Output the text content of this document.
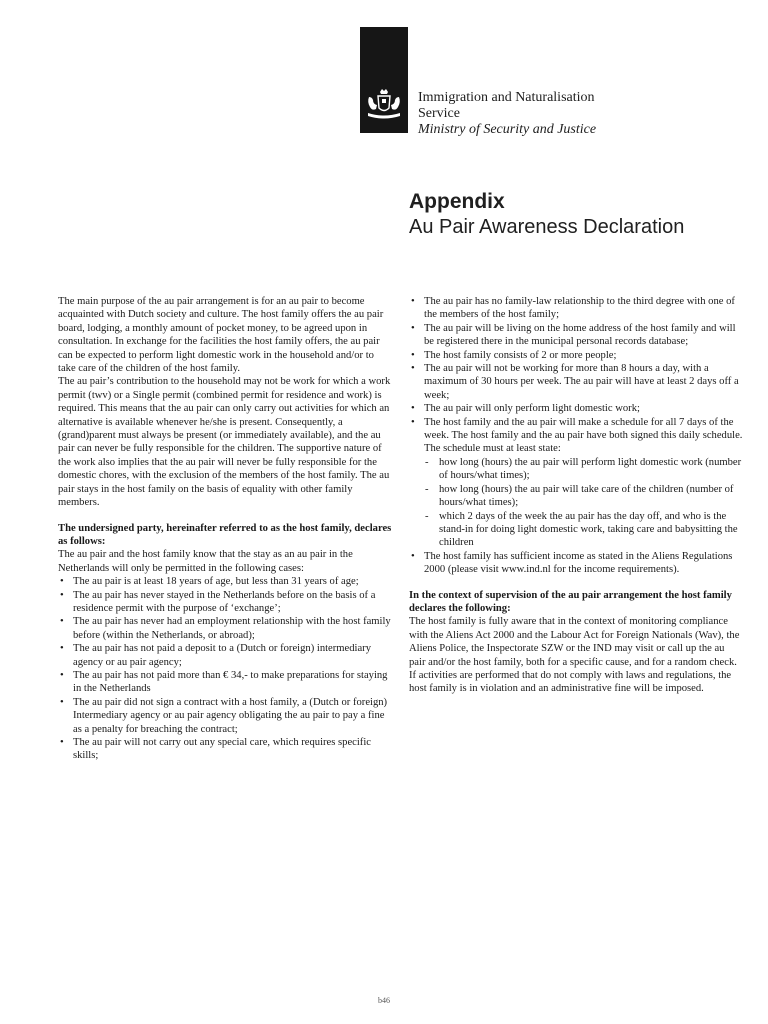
Immigration and Naturalisation
Service
Ministry of Security and Justice
Appendix
Au Pair Awareness Declaration

The main purpose of the au pair arrangement is for an au pair to become acquainted with Dutch society and culture. The host family offers the au pair board, lodging, a monthly amount of pocket money, to be agreed upon in consultation. In exchange for the facilities the host family offers, the au pair can be expected to perform light domestic work in the household and/or to take care of the children of the host family.

The au pair’s contribution to the household may not be work for which a work permit (twv) or a Single permit (combined permit for residence and work) is required. This means that the au pair can only carry out activities for which an alternative is available whenever he/she is present. Consequently, a (grand)parent must always be present (or immediately available), and the au pair can never be fully responsible for the children. The supportive nature of the work also implies that the au pair will never be fully responsible for the domestic chores, with the exclusion of the members of the host family. The au pair stays in the host family on the basis of equality with other family members.

The undersigned party, hereinafter referred to as the host family, declares as follows:

The au pair and the host family know that the stay as an au pair in the Netherlands will only be permitted in the following cases:

• The au pair is at least 18 years of age, but less than 31 years of age;
• The au pair has never stayed in the Netherlands before on the basis of a residence permit with the purpose of ‘exchange’;
• The au pair has never had an employment relationship with the host family before (within the Netherlands, or abroad);
• The au pair has not paid a deposit to a (Dutch or foreign) intermediary agency or au pair agency;
• The au pair has not paid more than € 34,- to make preparations for staying in the Netherlands
• The au pair did not sign a contract with a host family, a (Dutch or foreign) Intermediary agency or au pair agency obligating the au pair to pay a fine as a penalty for breaching the contract;
• The au pair will not carry out any special care, which requires specific skills;
• The au pair has no family-law relationship to the third degree with one of the members of the host family;
• The au pair will be living on the home address of the host family and will be registered there in the municipal personal records database;
• The host family consists of 2 or more people;
• The au pair will not be working for more than 8 hours a day, with a maximum of 30 hours per week. The au pair will have at least 2 days off a week;
• The au pair will only perform light domestic work;
• The host family and the au pair will make a schedule for all 7 days of the week. The host family and the au pair have both signed this daily schedule. The schedule must at least state:
- how long (hours) the au pair will perform light domestic work (number of hours/what times);
- how long (hours) the au pair will take care of the children (number of hours/what times);
- which 2 days of the week the au pair has the day off, and who is the stand-in for doing light domestic work, taking care and babysitting the children
• The host family has sufficient income as stated in the Aliens Regulations 2000 (please visit www.ind.nl for the income requirements).

In the context of supervision of the au pair arrangement the host family declares the following:

The host family is fully aware that in the context of monitoring compliance with the Aliens Act 2000 and the Labour Act for Foreign Nationals (Wav), the Aliens Police, the Inspectorate SZW or the IND may visit or call up the au pair and/or the host family, both for a specific cause, and for a random check. If activities are performed that do not comply with laws and regulations, the host family is in violation and an administrative fine will be imposed.

b46
